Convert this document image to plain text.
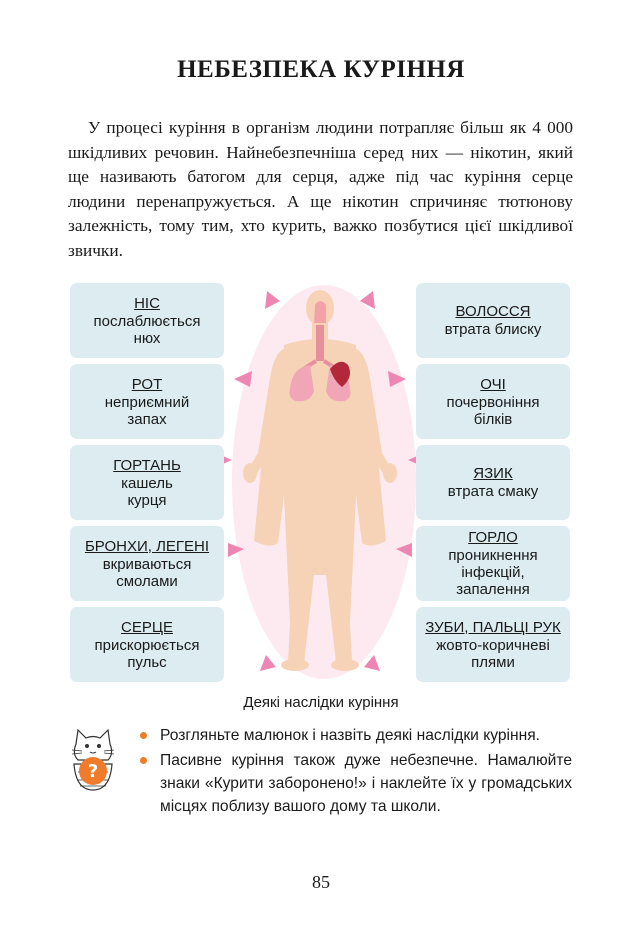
НЕБЕЗПЕКА КУРІННЯ

У процесі куріння в організм людини потрапляє більш як 4 000 шкідливих речовин. Найнебезпечніша серед них — нікотин, який ще називають батогом для серця, адже під час куріння серце людини перенапружується. А ще нікотин спричиняє тютюнову залежність, тому тим, хто курить, важко позбутися цієї шкідливої звички.

НІС
послаблюється нюх
РОТ
неприємний запах
ГОРТАНЬ
кашель курця
БРОНХИ, ЛЕГЕНІ
вкриваються смолами
СЕРЦЕ
прискорюється пульс
ВОЛОССЯ
втрата блиску
ОЧІ
почервоніння білків
ЯЗИК
втрата смаку
ГОРЛО
проникнення інфекцій, запалення
ЗУБИ, ПАЛЬЦІ РУК
жовто-коричневі плями

Деякі наслідки куріння

?
Розгляньте малюнок і назвіть деякі наслідки куріння.
Пасивне куріння також дуже небезпечне. Намалюйте знаки «Курити заборонено!» і наклейте їх у громадських місцях поблизу вашого дому та школи.

85
